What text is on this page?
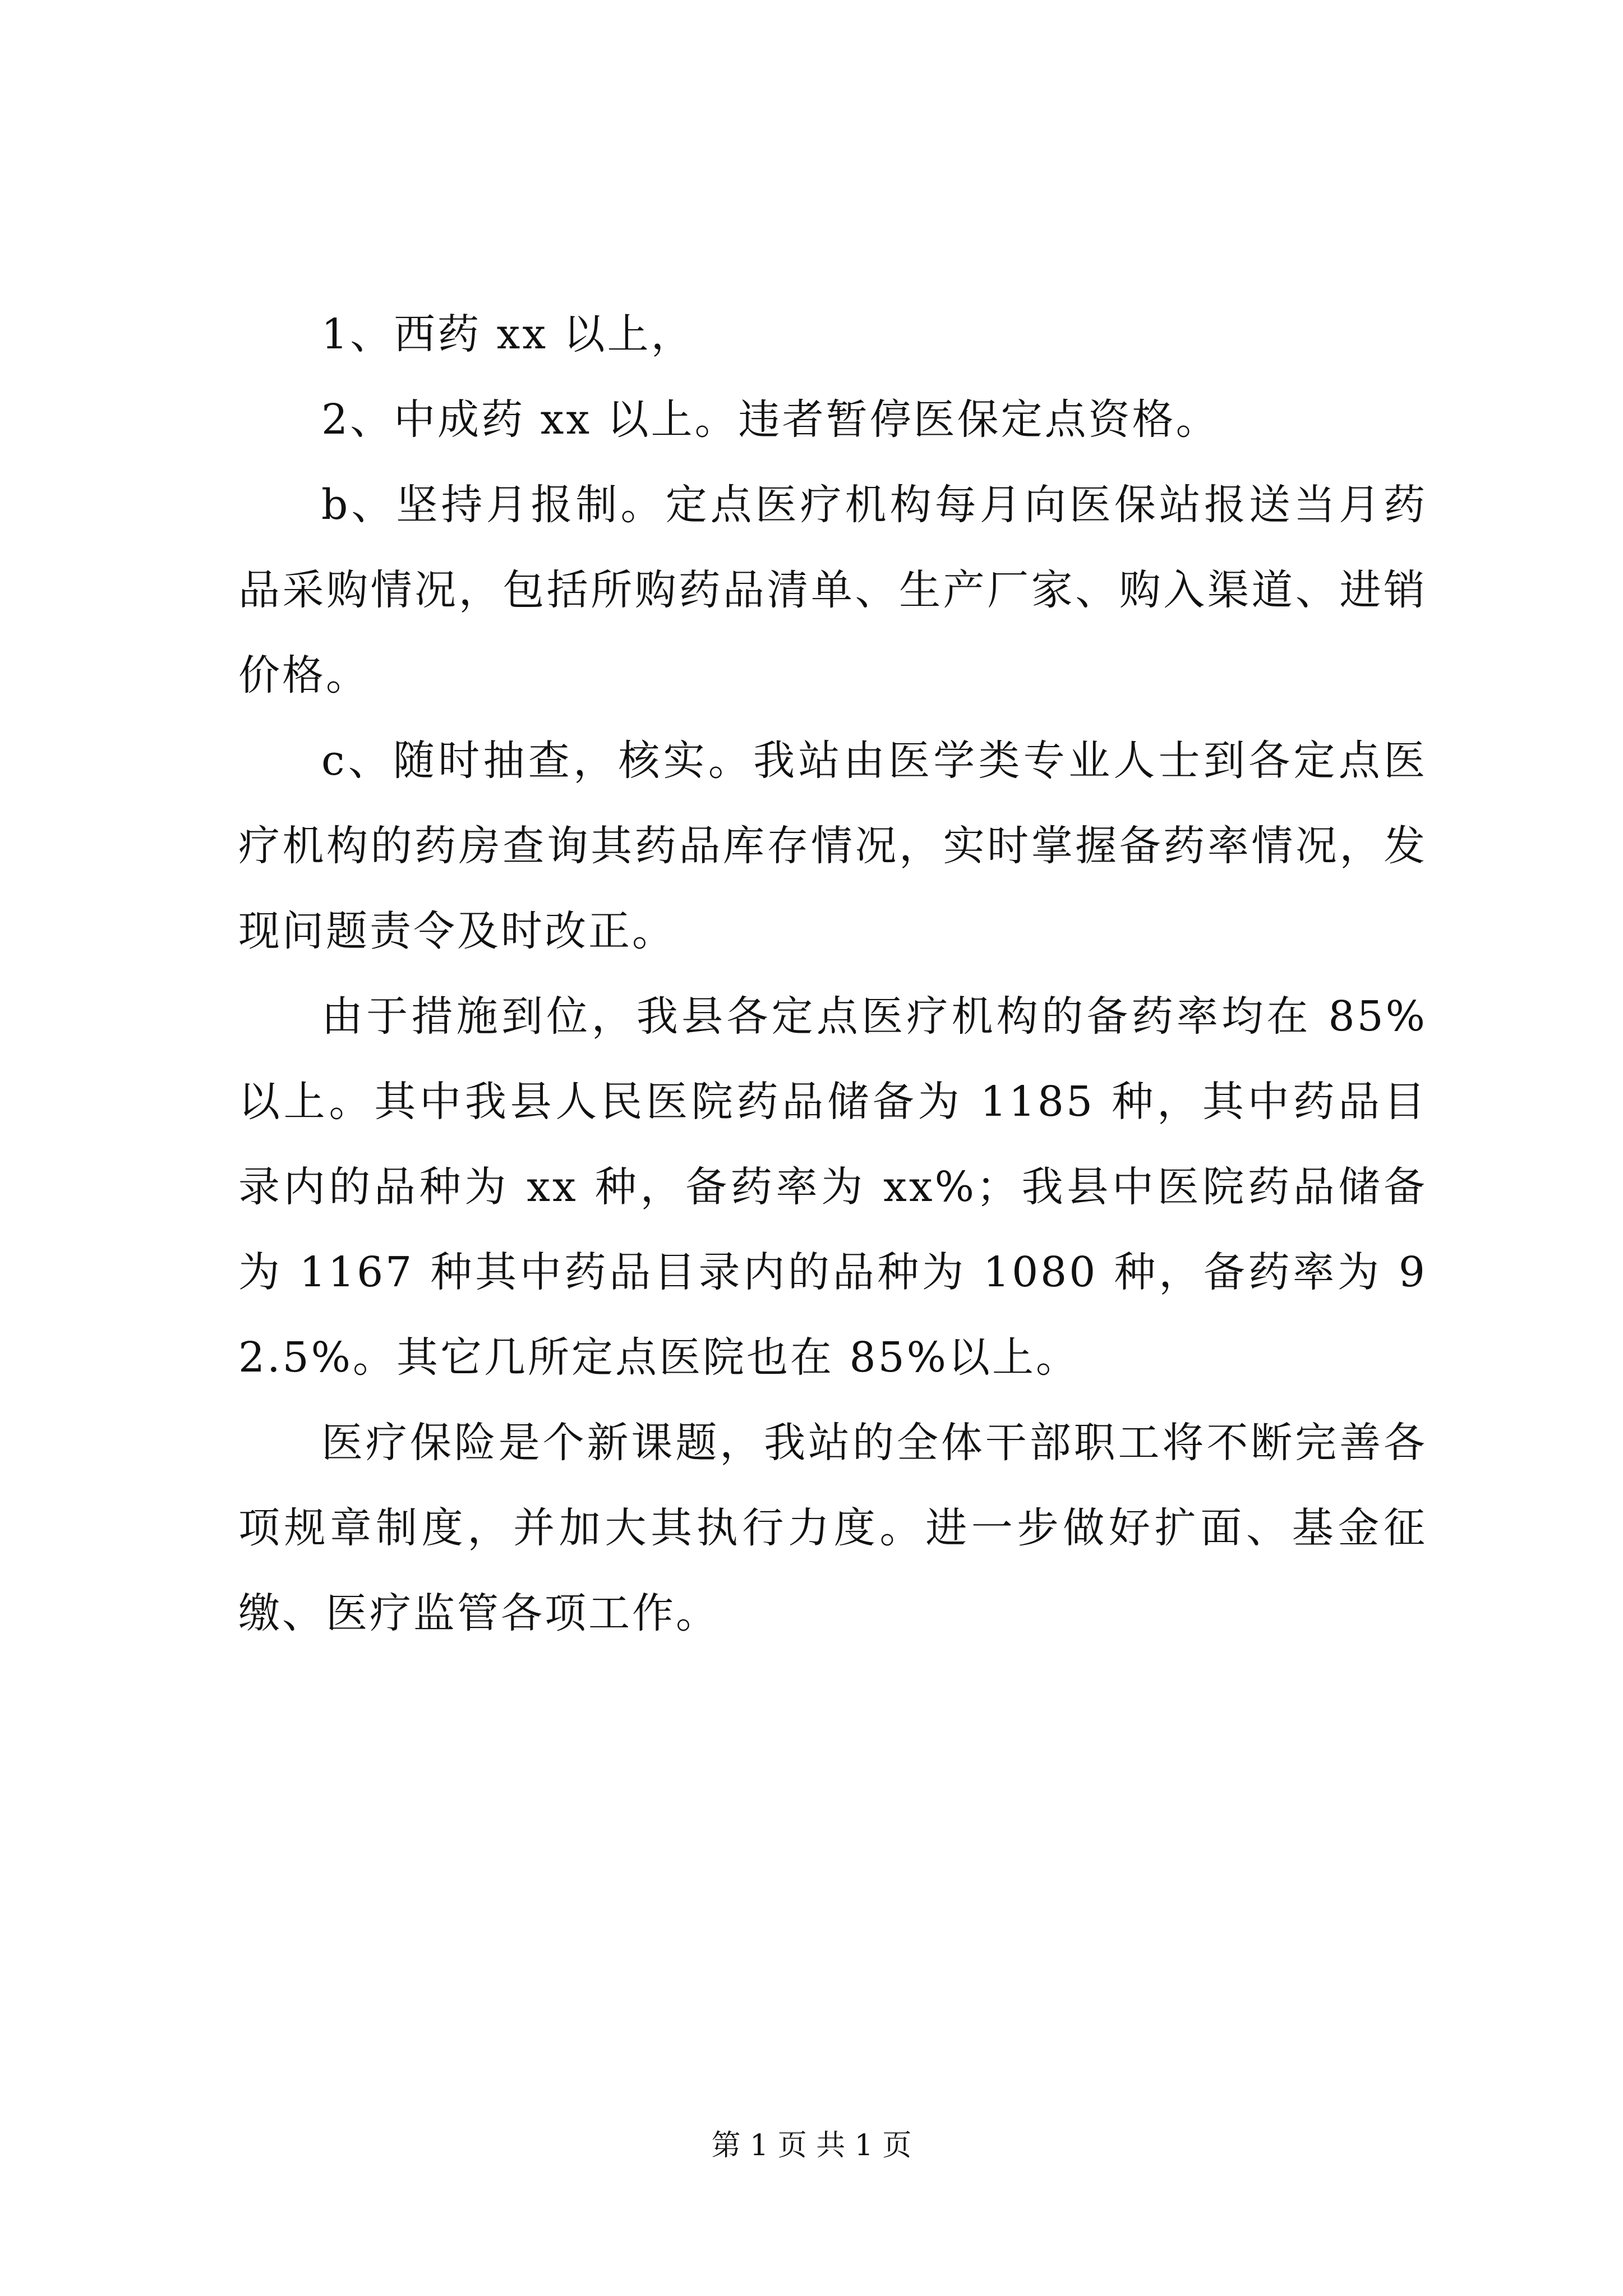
1、西药 xx 以上，

2、中成药 xx 以上。违者暂停医保定点资格。

b、坚持月报制。定点医疗机构每月向医保站报送当月药品采购情况，包括所购药品清单、生产厂家、购入渠道、进销价格。

c、随时抽查，核实。我站由医学类专业人士到各定点医疗机构的药房查询其药品库存情况，实时掌握备药率情况，发现问题责令及时改正。

由于措施到位，我县各定点医疗机构的备药率均在 85%以上。其中我县人民医院药品储备为 1185 种，其中药品目录内的品种为 xx 种，备药率为 xx%；我县中医院药品储备为 1167 种其中药品目录内的品种为 1080 种，备药率为 92.5%。其它几所定点医院也在 85%以上。

医疗保险是个新课题，我站的全体干部职工将不断完善各项规章制度，并加大其执行力度。进一步做好扩面、基金征缴、医疗监管各项工作。

第 1 页 共 1 页
